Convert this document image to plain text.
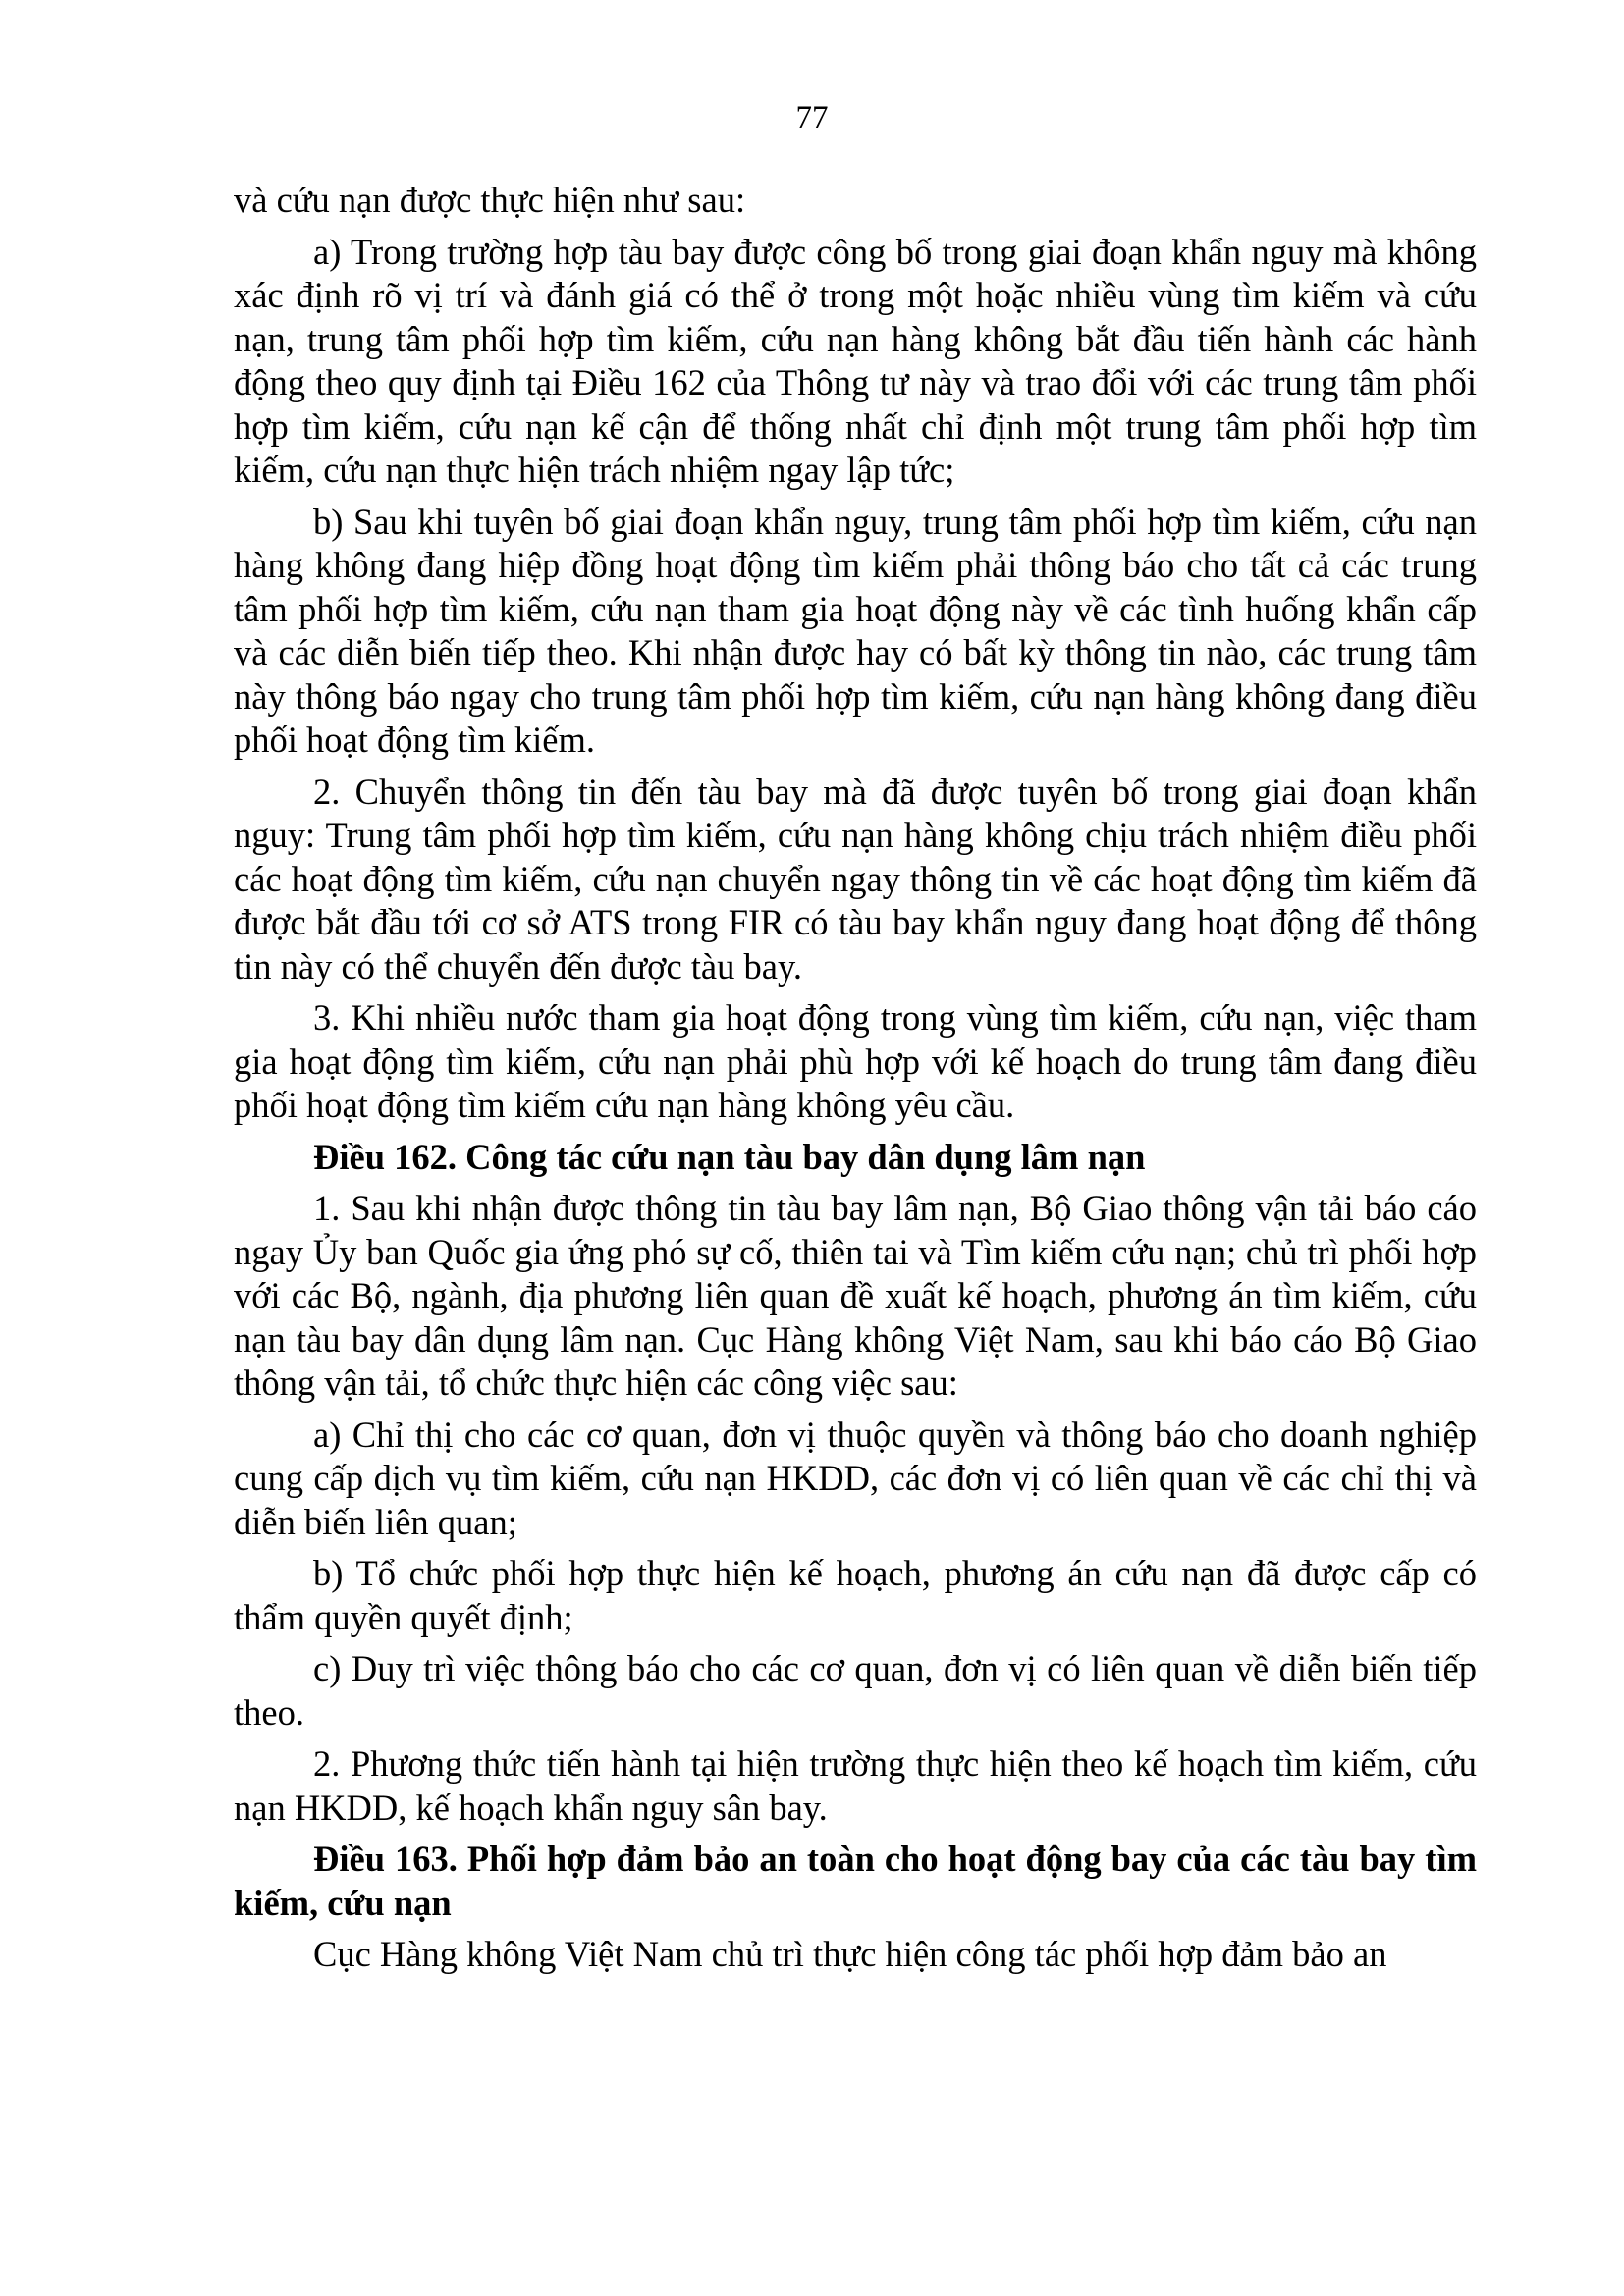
77

và cứu nạn được thực hiện như sau:

a) Trong trường hợp tàu bay được công bố trong giai đoạn khẩn nguy mà không xác định rõ vị trí và đánh giá có thể ở trong một hoặc nhiều vùng tìm kiếm và cứu nạn, trung tâm phối hợp tìm kiếm, cứu nạn hàng không bắt đầu tiến hành các hành động theo quy định tại Điều 162 của Thông tư này và trao đổi với các trung tâm phối hợp tìm kiếm, cứu nạn kế cận để thống nhất chỉ định một trung tâm phối hợp tìm kiếm, cứu nạn thực hiện trách nhiệm ngay lập tức;

b) Sau khi tuyên bố giai đoạn khẩn nguy, trung tâm phối hợp tìm kiếm, cứu nạn hàng không đang hiệp đồng hoạt động tìm kiếm phải thông báo cho tất cả các trung tâm phối hợp tìm kiếm, cứu nạn tham gia hoạt động này về các tình huống khẩn cấp và các diễn biến tiếp theo. Khi nhận được hay có bất kỳ thông tin nào, các trung tâm này thông báo ngay cho trung tâm phối hợp tìm kiếm, cứu nạn hàng không đang điều phối hoạt động tìm kiếm.

2. Chuyển thông tin đến tàu bay mà đã được tuyên bố trong giai đoạn khẩn nguy: Trung tâm phối hợp tìm kiếm, cứu nạn hàng không chịu trách nhiệm điều phối các hoạt động tìm kiếm, cứu nạn chuyển ngay thông tin về các hoạt động tìm kiếm đã được bắt đầu tới cơ sở ATS trong FIR có tàu bay khẩn nguy đang hoạt động để thông tin này có thể chuyển đến được tàu bay.

3. Khi nhiều nước tham gia hoạt động trong vùng tìm kiếm, cứu nạn, việc tham gia hoạt động tìm kiếm, cứu nạn phải phù hợp với kế hoạch do trung tâm đang điều phối hoạt động tìm kiếm cứu nạn hàng không yêu cầu.

Điều 162. Công tác cứu nạn tàu bay dân dụng lâm nạn

1. Sau khi nhận được thông tin tàu bay lâm nạn, Bộ Giao thông vận tải báo cáo ngay Ủy ban Quốc gia ứng phó sự cố, thiên tai và Tìm kiếm cứu nạn; chủ trì phối hợp với các Bộ, ngành, địa phương liên quan đề xuất kế hoạch, phương án tìm kiếm, cứu nạn tàu bay dân dụng lâm nạn. Cục Hàng không Việt Nam, sau khi báo cáo Bộ Giao thông vận tải, tổ chức thực hiện các công việc sau:

a) Chỉ thị cho các cơ quan, đơn vị thuộc quyền và thông báo cho doanh nghiệp cung cấp dịch vụ tìm kiếm, cứu nạn HKDD, các đơn vị có liên quan về các chỉ thị và diễn biến liên quan;

b) Tổ chức phối hợp thực hiện kế hoạch, phương án cứu nạn đã được cấp có thẩm quyền quyết định;

c) Duy trì việc thông báo cho các cơ quan, đơn vị có liên quan về diễn biến tiếp theo.

2. Phương thức tiến hành tại hiện trường thực hiện theo kế hoạch tìm kiếm, cứu nạn HKDD, kế hoạch khẩn nguy sân bay.

Điều 163. Phối hợp đảm bảo an toàn cho hoạt động bay của các tàu bay tìm kiếm, cứu nạn

Cục Hàng không Việt Nam chủ trì thực hiện công tác phối hợp đảm bảo an
